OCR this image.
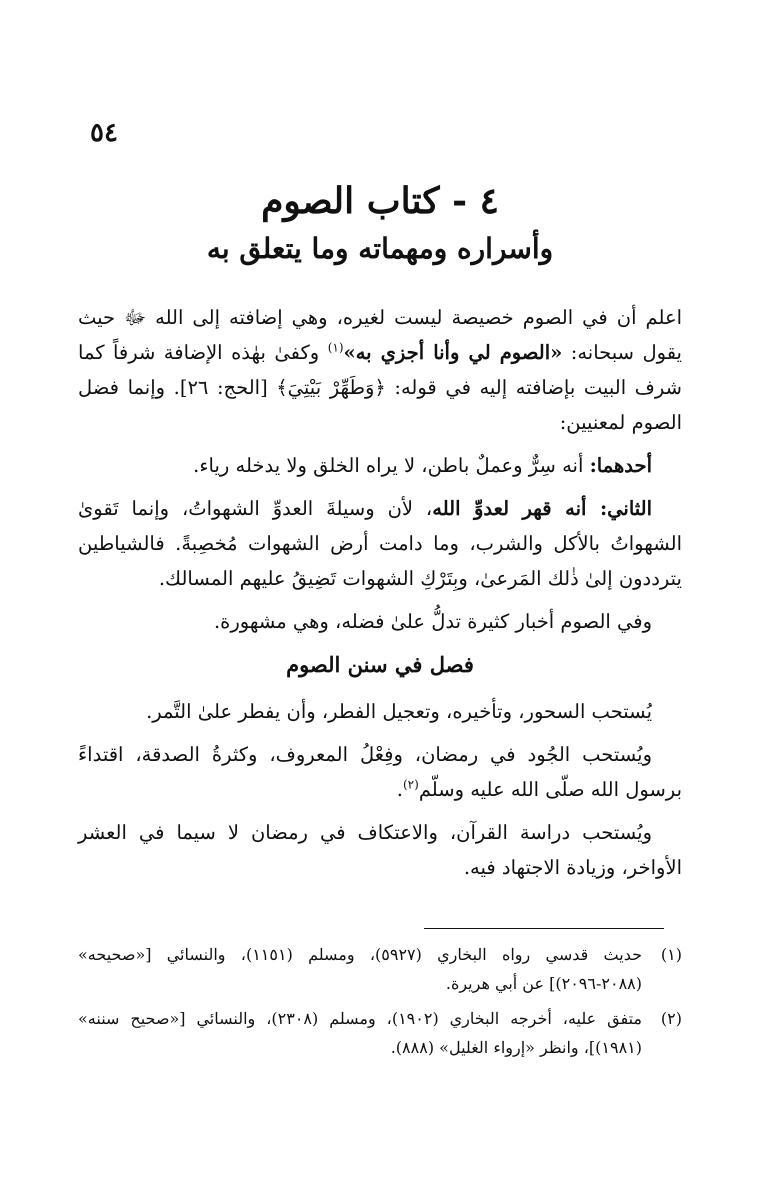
٥٤
٤ - كتاب الصوم
وأسراره ومهماته وما يتعلق به

اعلم أن في الصوم خصيصة ليست لغيره، وهي إضافته إلى الله ﷻ حيث يقول سبحانه: «الصوم لي وأنا أجزي به»$^{(١)}$ وكفىٰ بهٰذه الإضافة شرفاً كما شرف البيت بإضافته إليه في قوله: ﴿وَطَهِّرْ بَيْتِيَ﴾ [الحج: ٢٦]. وإنما فضل الصوم لمعنيين:

أحدهما: أنه سِرٌّ وعملٌ باطن، لا يراه الخلق ولا يدخله رياء.

الثاني: أنه قهر لعدوِّ الله، لأن وسيلةَ العدوِّ الشهواتُ، وإنما تَقوىٰ الشهواتُ بالأكل والشرب، وما دامت أرض الشهوات مُخصِبةً. فالشياطين يترددون إلىٰ ذٰلك المَرعىٰ، وبِتَرْكِ الشهوات تَضِيقُ عليهم المسالك.

وفي الصوم أخبار كثيرة تدلُّ علىٰ فضله، وهي مشهورة.

فصل في سنن الصوم

يُستحب السحور، وتأخيره، وتعجيل الفطر، وأن يفطر علىٰ التَّمر.

ويُستحب الجُود في رمضان، وفِعْلُ المعروف، وكثرةُ الصدقة، اقتداءً برسول الله صلّى الله عليه وسلّم$^{(٢)}$.

ويُستحب دراسة القرآن، والاعتكاف في رمضان لا سيما في العشر الأواخر، وزيادة الاجتهاد فيه.

(١)
حديث قدسي رواه البخاري (٥٩٢٧)، ومسلم (١١٥١)، والنسائي [«صحيحه» (٢٠٨٨-٢٠٩٦)] عن أبي هريرة.
(٢)
متفق عليه، أخرجه البخاري (١٩٠٢)، ومسلم (٢٣٠٨)، والنسائي [«صحيح سننه» (١٩٨١)]، وانظر «إرواء الغليل» (٨٨٨).
